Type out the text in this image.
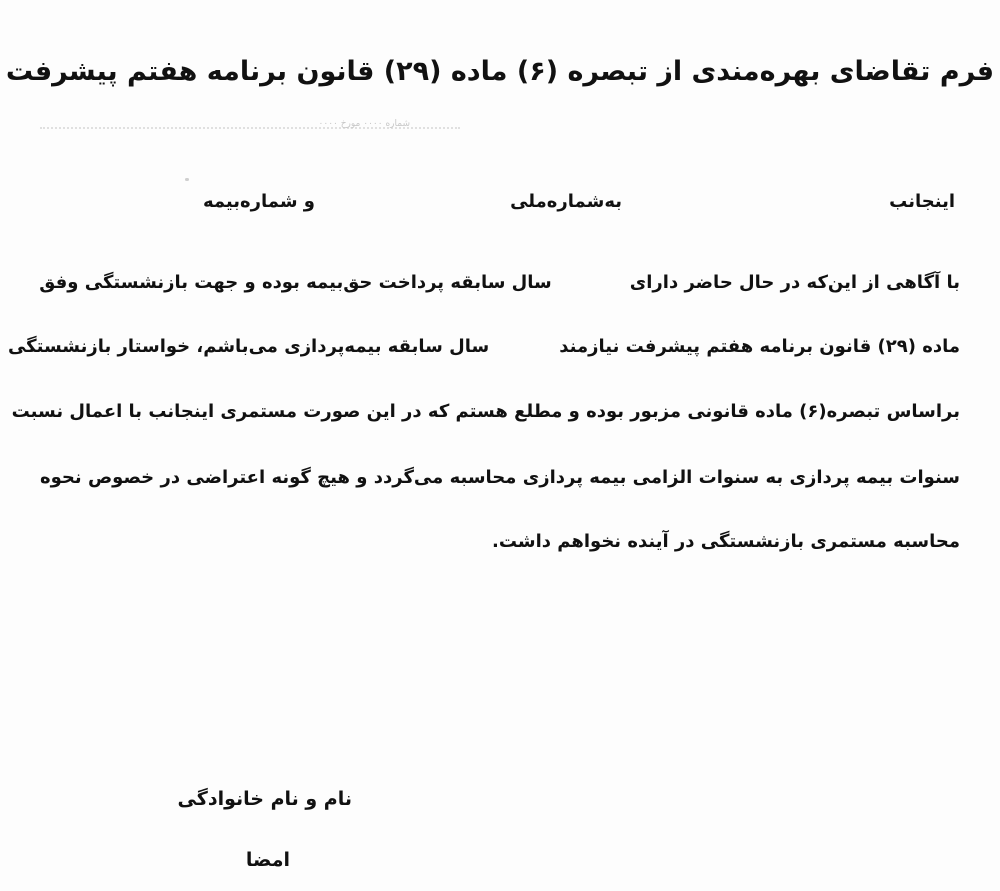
فرم تقاضای بهره‌مندی از تبصره (۶) ماده (۲۹) قانون برنامه هفتم پیشرفت
شماره ۰۰۰۰ مورخ ۰۰۰۰
اینجانب
به‌شماره‌ملی
و شماره‌بیمه
با آگاهی از این‌که در حال حاضر دارایسال سابقه پرداخت حق‌بیمه بوده و جهت بازنشستگی وفق
ماده (۲۹) قانون برنامه هفتم پیشرفت نیازمندسال سابقه بیمه‌پردازی می‌باشم، خواستار بازنشستگی
براساس تبصره(۶) ماده قانونی مزبور بوده و مطلع هستم که در این صورت مستمری اینجانب با اعمال نسبت
سنوات بیمه پردازی به سنوات الزامی بیمه پردازی محاسبه می‌گردد و هیچ گونه اعتراضی در خصوص نحوه
محاسبه مستمری بازنشستگی در آینده نخواهم داشت.
نام و نام خانوادگی
امضا
